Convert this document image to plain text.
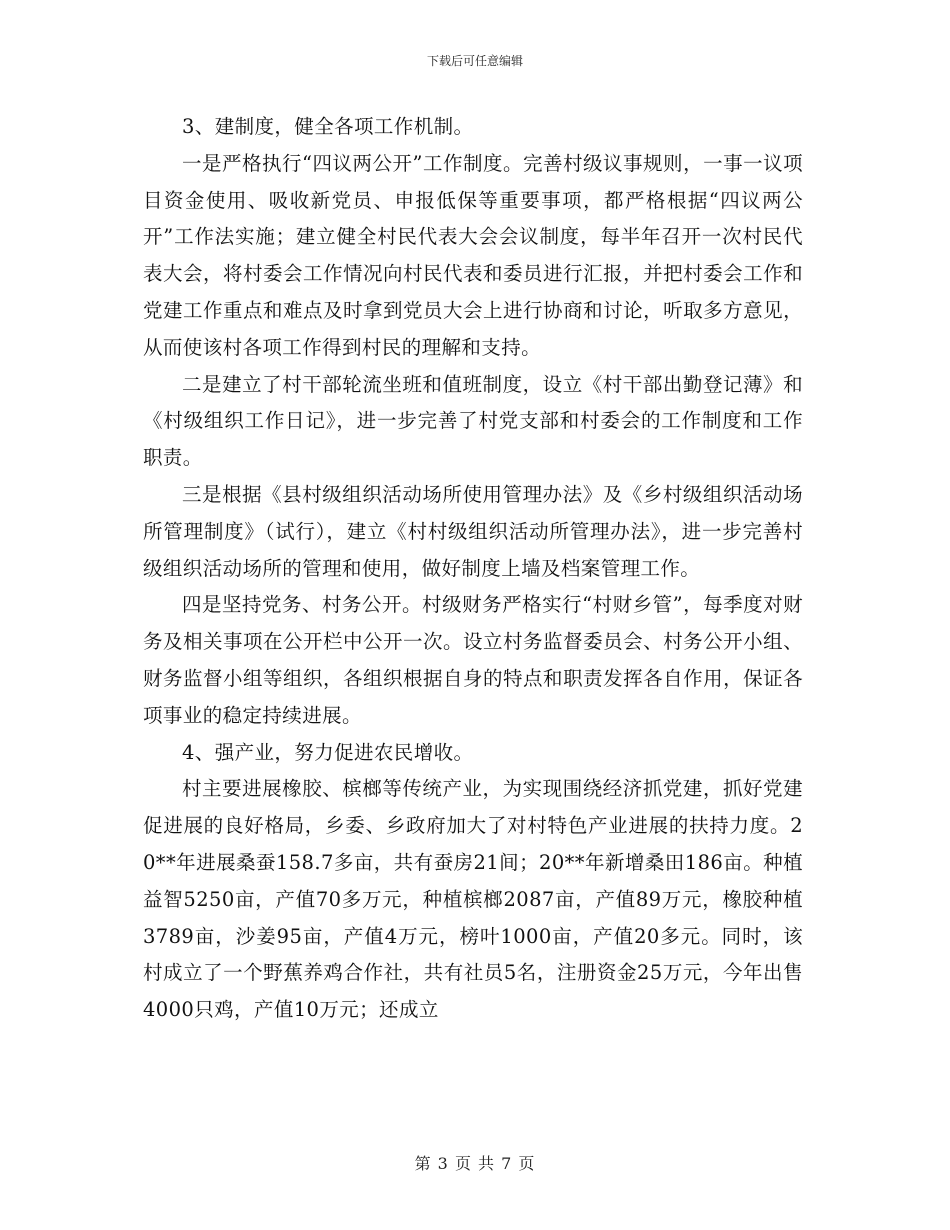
下载后可任意编辑

3、建制度，健全各项工作机制。

一是严格执行“四议两公开”工作制度。完善村级议事规则，一事一议项目资金使用、吸收新党员、申报低保等重要事项，都严格根据“四议两公开”工作法实施；建立健全村民代表大会会议制度，每半年召开一次村民代表大会，将村委会工作情况向村民代表和委员进行汇报，并把村委会工作和党建工作重点和难点及时拿到党员大会上进行协商和讨论，听取多方意见，从而使该村各项工作得到村民的理解和支持。

二是建立了村干部轮流坐班和值班制度，设立《村干部出勤登记薄》和《村级组织工作日记》，进一步完善了村党支部和村委会的工作制度和工作职责。

三是根据《县村级组织活动场所使用管理办法》及《乡村级组织活动场所管理制度》（试行），建立《村村级组织活动所管理办法》，进一步完善村级组织活动场所的管理和使用，做好制度上墙及档案管理工作。

四是坚持党务、村务公开。村级财务严格实行“村财乡管”，每季度对财务及相关事项在公开栏中公开一次。设立村务监督委员会、村务公开小组、财务监督小组等组织，各组织根据自身的特点和职责发挥各自作用，保证各项事业的稳定持续进展。

4、强产业，努力促进农民增收。

村主要进展橡胶、槟榔等传统产业，为实现围绕经济抓党建，抓好党建促进展的良好格局，乡委、乡政府加大了对村特色产业进展的扶持力度。20**年进展桑蚕158.7多亩，共有蚕房21间；20**年新增桑田186亩。种植益智5250亩，产值70多万元，种植槟榔2087亩，产值89万元，橡胶种植3789亩，沙姜95亩，产值4万元，榜叶1000亩，产值20多元。同时，该村成立了一个野蕉养鸡合作社，共有社员5名，注册资金25万元，今年出售4000只鸡，产值10万元；还成立

第 3 页 共 7 页
